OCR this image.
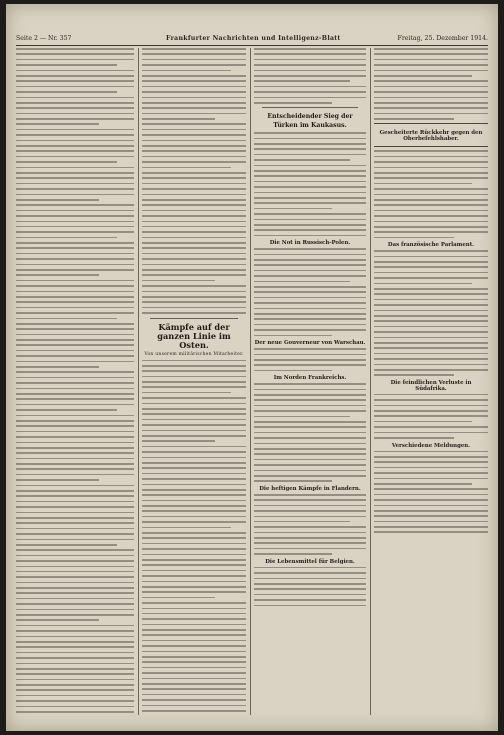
Seite 2 — Nr. 357	Frankfurter Nachrichten und Intelligenz-Blatt	Freitag, 25. Dezember 1914.
Kämpfe auf der ganzen Linie im Osten.
Von unserem militärischen Mitarbeiter.
Entscheidender Sieg der Türken im Kaukasus.
Die Not in Russisch-Polen.
Der neue Gouverneur von Warschau.
Im Norden Frankreichs.
Die heftigen Kämpfe in Flandern.
Die Lebensmittel für Belgien.
Gescheiterte Rückkehr gegen den Oberbefehlshaber.
Das französische Parlament.
Die feindlichen Verluste in Südafrika.
Verschiedene Meldungen.
